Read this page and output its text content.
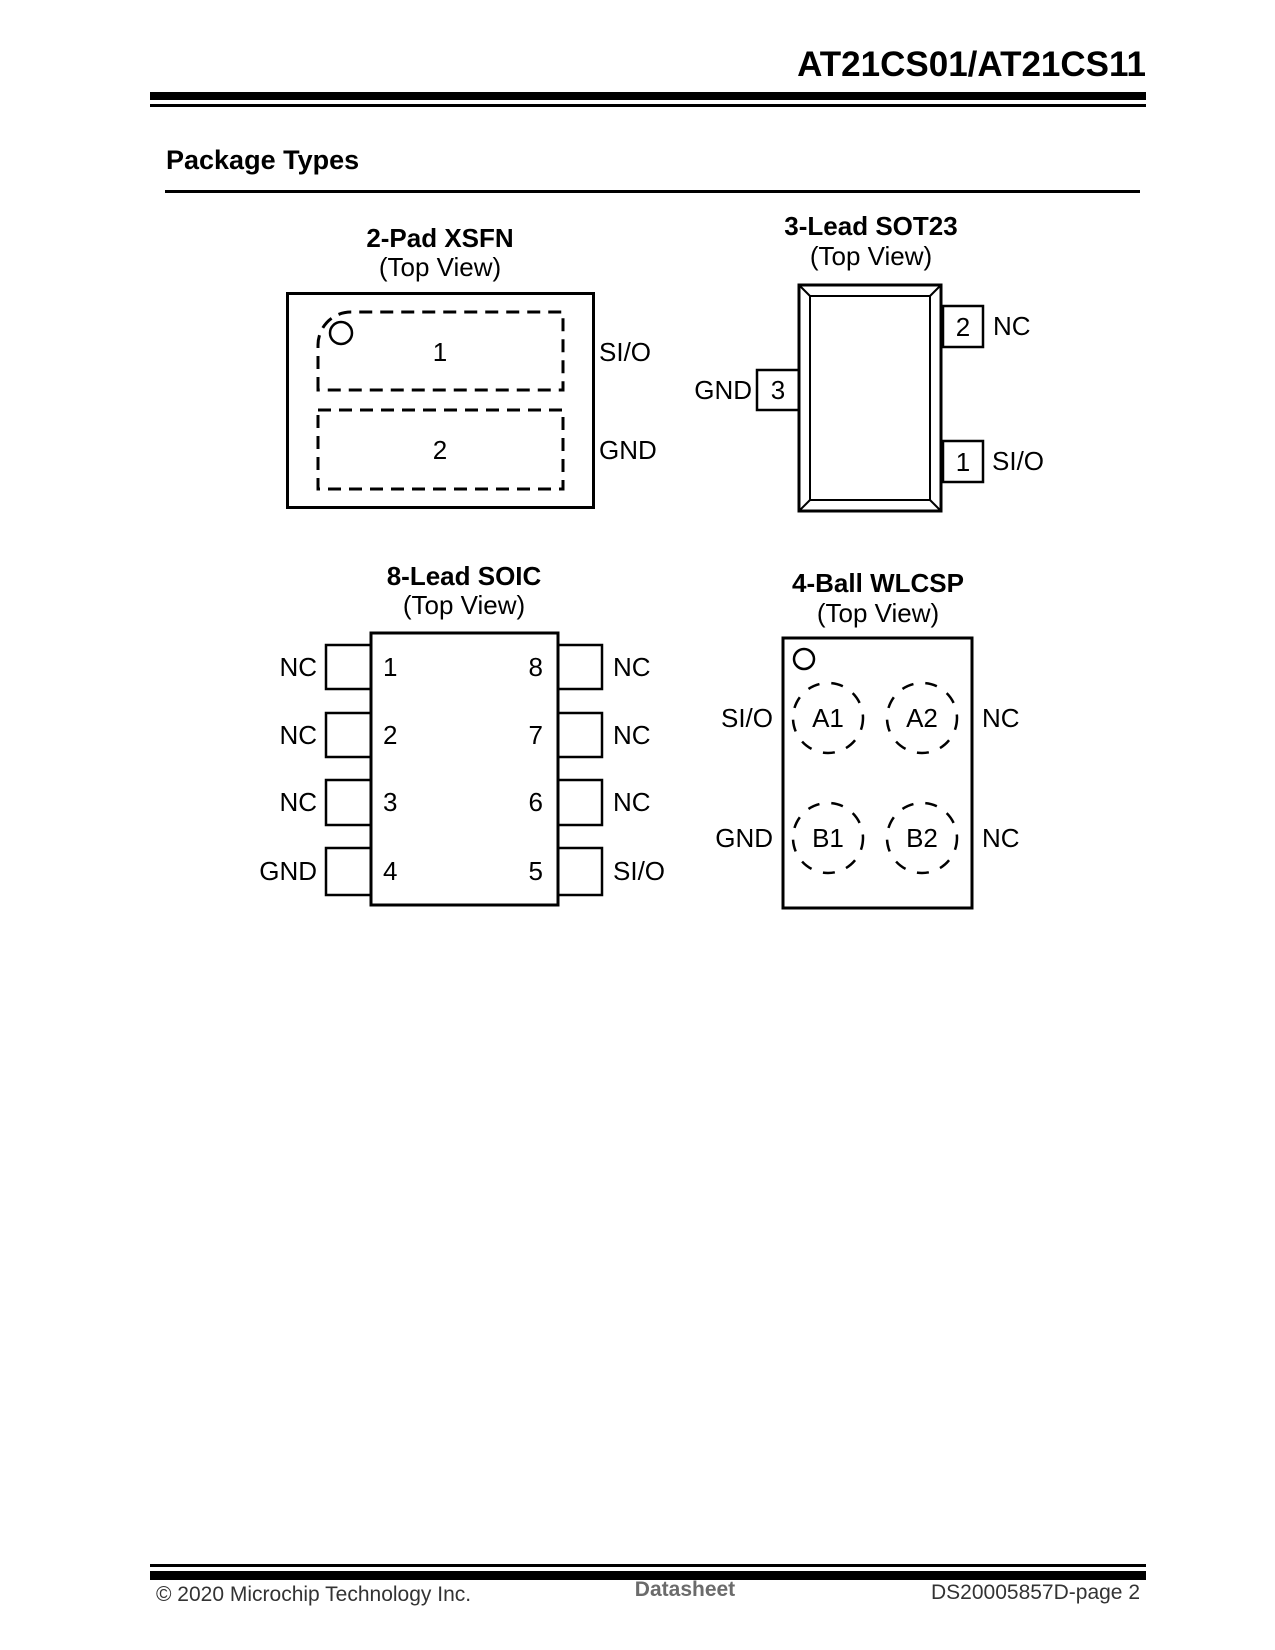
AT21CS01/AT21CS11
Package Types
2-Pad XSFN
(Top View)
1
2
SI/O
GND
3-Lead SOT23
(Top View)
2 NC
3
GND
1 SI/O
8-Lead SOIC
(Top View)
1
2
3
4
NC
NC
NC
GND
8
7
6
5
NC
NC
NC
SI/O
4-Ball WLCSP
(Top View)
A1 A2
B1 B2
SI/O	NC
GND	NC
© 2020 Microchip Technology Inc.	Datasheet	DS20005857D-page 2
